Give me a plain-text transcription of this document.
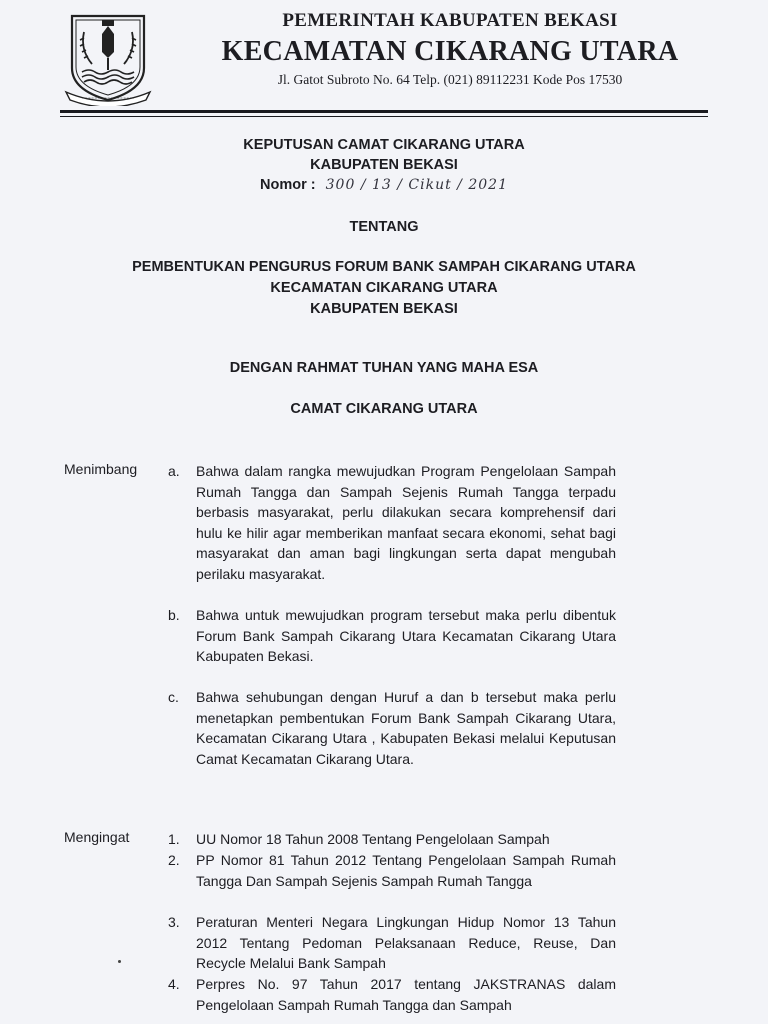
PEMERINTAH KABUPATEN BEKASI
KECAMATAN CIKARANG UTARA
Jl. Gatot Subroto No. 64 Telp. (021) 89112231 Kode Pos 17530
KEPUTUSAN CAMAT CIKARANG UTARA
KABUPATEN BEKASI
Nomor : 300 / 13 / Cikut / 2021
TENTANG
PEMBENTUKAN PENGURUS FORUM BANK SAMPAH CIKARANG UTARA
KECAMATAN CIKARANG UTARA
KABUPATEN BEKASI
DENGAN RAHMAT TUHAN YANG MAHA ESA
CAMAT CIKARANG UTARA
Menimbang a. Bahwa dalam rangka mewujudkan Program Pengelolaan Sampah Rumah Tangga dan Sampah Sejenis Rumah Tangga terpadu berbasis masyarakat, perlu dilakukan secara komprehensif dari hulu ke hilir agar memberikan manfaat secara ekonomi, sehat bagi masyarakat dan aman bagi lingkungan serta dapat mengubah perilaku masyarakat.
b. Bahwa untuk mewujudkan program tersebut maka perlu dibentuk Forum Bank Sampah Cikarang Utara Kecamatan Cikarang Utara Kabupaten Bekasi.
c. Bahwa sehubungan dengan Huruf a dan b tersebut maka perlu menetapkan pembentukan Forum Bank Sampah Cikarang Utara, Kecamatan Cikarang Utara , Kabupaten Bekasi melalui Keputusan Camat Kecamatan Cikarang Utara.
Mengingat	1. UU Nomor 18 Tahun 2008 Tentang Pengelolaan Sampah
2. PP Nomor 81 Tahun 2012 Tentang Pengelolaan Sampah Rumah Tangga Dan Sampah Sejenis Sampah Rumah Tangga
3. Peraturan Menteri Negara Lingkungan Hidup Nomor 13 Tahun 2012 Tentang Pedoman Pelaksanaan Reduce, Reuse, Dan Recycle Melalui Bank Sampah
4. Perpres No. 97 Tahun 2017 tentang JAKSTRANAS dalam Pengelolaan Sampah Rumah Tangga dan Sampah
